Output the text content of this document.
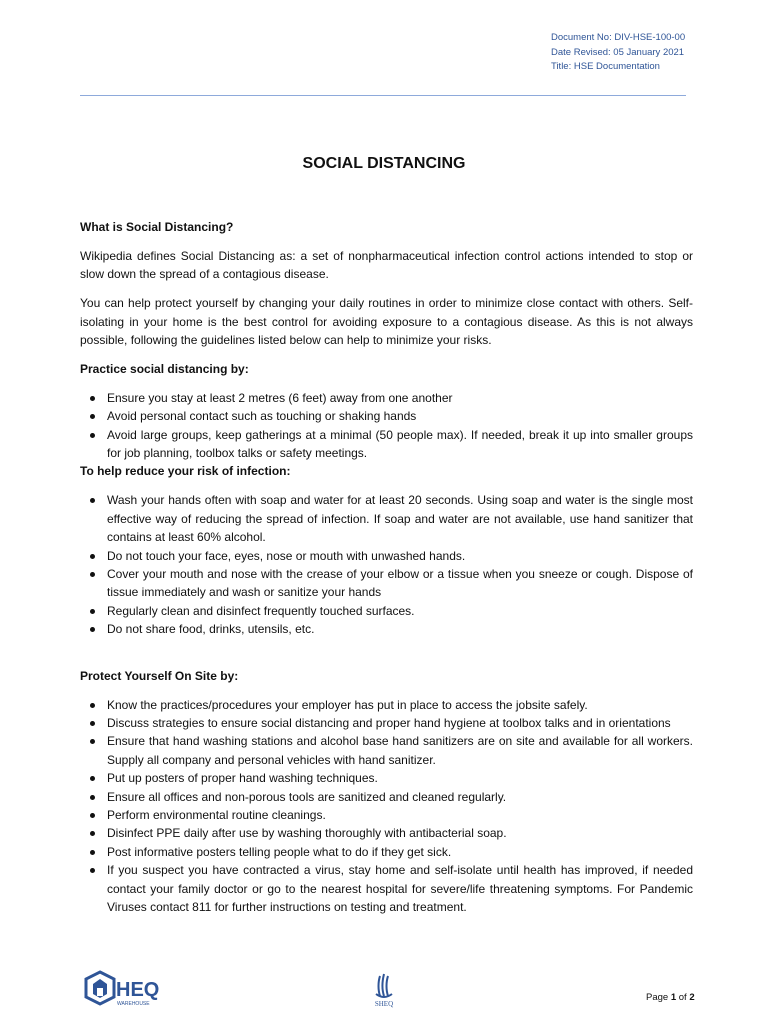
Document No: DIV-HSE-100-00
Date Revised: 05 January 2021
Title: HSE Documentation
SOCIAL DISTANCING

What is Social Distancing?

Wikipedia defines Social Distancing as: a set of nonpharmaceutical infection control actions intended to stop or slow down the spread of a contagious disease.

You can help protect yourself by changing your daily routines in order to minimize close contact with others. Self-isolating in your home is the best control for avoiding exposure to a contagious disease. As this is not always possible, following the guidelines listed below can help to minimize your risks.

Practice social distancing by:

Ensure you stay at least 2 metres (6 feet) away from one another
Avoid personal contact such as touching or shaking hands
Avoid large groups, keep gatherings at a minimal (50 people max). If needed, break it up into smaller groups for job planning, toolbox talks or safety meetings.

To help reduce your risk of infection:

Wash your hands often with soap and water for at least 20 seconds. Using soap and water is the single most effective way of reducing the spread of infection. If soap and water are not available, use hand sanitizer that contains at least 60% alcohol.
Do not touch your face, eyes, nose or mouth with unwashed hands.
Cover your mouth and nose with the crease of your elbow or a tissue when you sneeze or cough. Dispose of tissue immediately and wash or sanitize your hands
Regularly clean and disinfect frequently touched surfaces.
Do not share food, drinks, utensils, etc.

Protect Yourself On Site by:

Know the practices/procedures your employer has put in place to access the jobsite safely.
Discuss strategies to ensure social distancing and proper hand hygiene at toolbox talks and in orientations
Ensure that hand washing stations and alcohol base hand sanitizers are on site and available for all workers. Supply all company and personal vehicles with hand sanitizer.
Put up posters of proper hand washing techniques.
Ensure all offices and non-porous tools are sanitized and cleaned regularly.
Perform environmental routine cleanings.
Disinfect PPE daily after use by washing thoroughly with antibacterial soap.
Post informative posters telling people what to do if they get sick.
If you suspect you have contracted a virus, stay home and self-isolate until health has improved, if needed contact your family doctor or go to the nearest hospital for severe/life threatening symptoms. For Pandemic Viruses contact 811 for further instructions on testing and treatment.
HEQ
WAREHOUSE	SHEQ
Page 1 of 2
